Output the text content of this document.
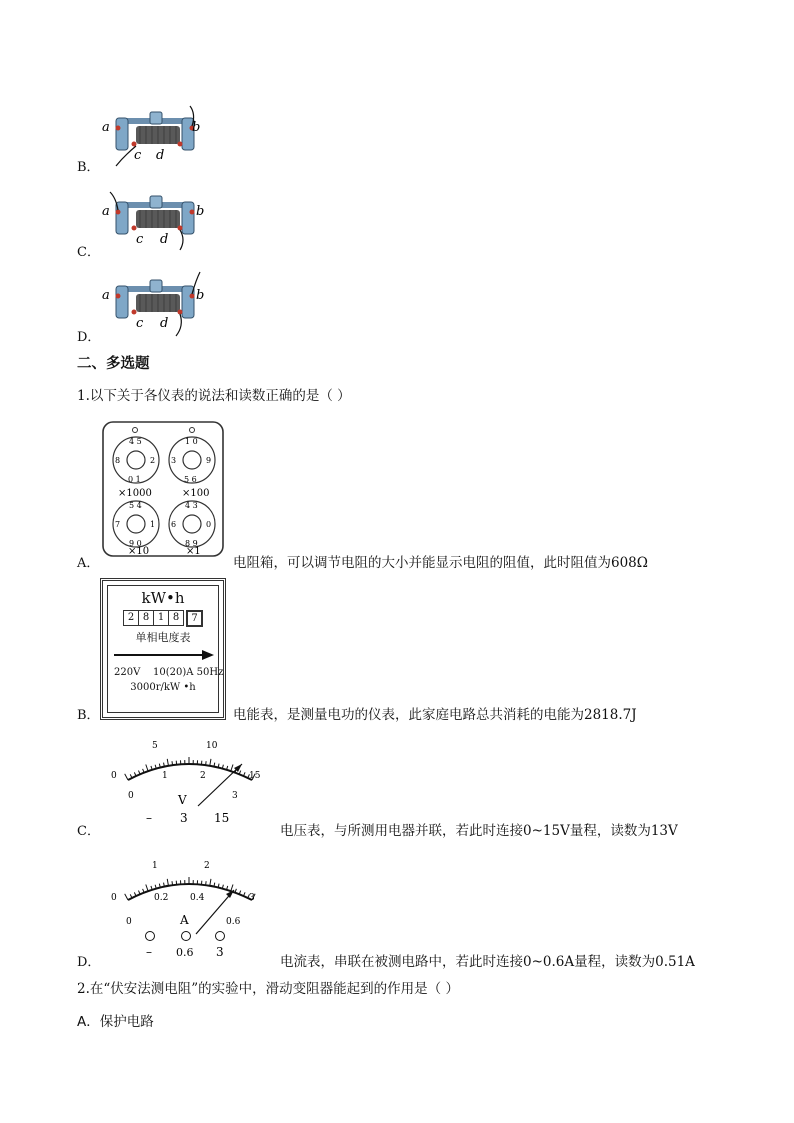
B．
a	b
c d
C．
a	b
c d
D．
a	b
c d
二、多选题
1.以下关于各仪表的说法和读数正确的是（ ）
A．
4 5
8	2
0 1
1 0
3	9
5 6
5 4
7	1
9 0
4 3
6	0
8 9
×1000	×100
×10	×1
电阻箱，可以调节电阻的大小并能显示电阻的阻值，此时阻值为608Ω
B．
kW•h
2 8 1 8	7
单相电度表
220V    10(20)A 50Hz
3000r/kW •h
电能表，是测量电功的仪表，此家庭电路总共消耗的电能为2818.7J
C．
0
5	10
15
0
1	2
3
V
– 3 15
电压表，与所测用电器并联，若此时连接0~15V量程，读数为13V
D．
0
1	2
3
0
0.2 0.4
0.6
A
– 0.6 3
电流表，串联在被测电路中，若此时连接0~0.6A量程，读数为0.51A
2.在“伏安法测电阻”的实验中，滑动变阻器能起到的作用是（ ）
A．保护电路
